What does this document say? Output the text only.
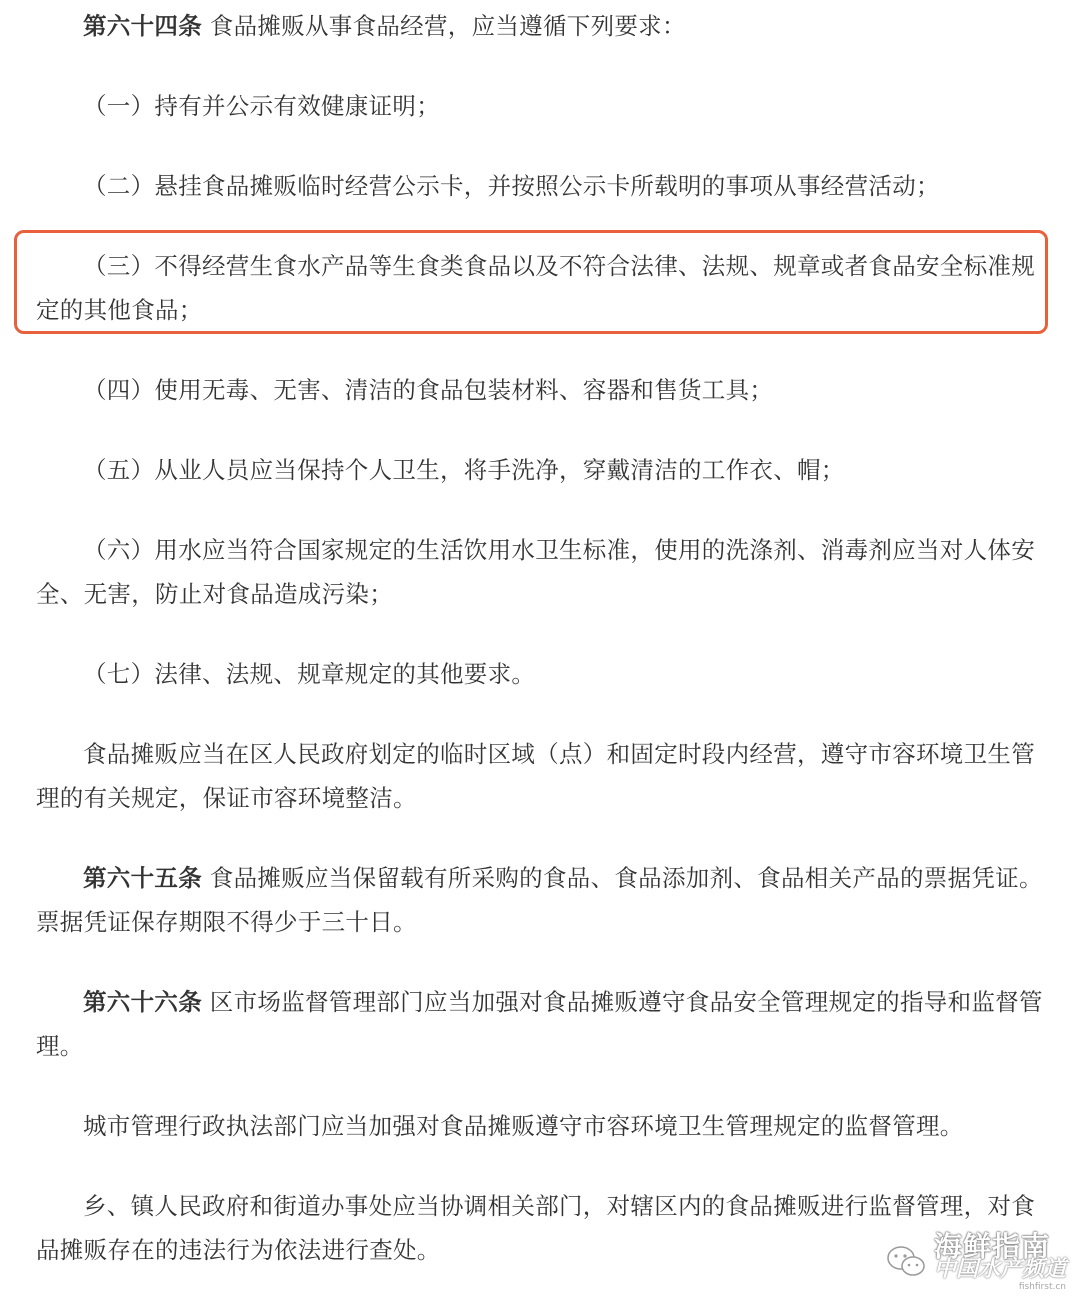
第六十四条 食品摊贩从事食品经营，应当遵循下列要求：

（一）持有并公示有效健康证明；

（二）悬挂食品摊贩临时经营公示卡，并按照公示卡所载明的事项从事经营活动；

（三）不得经营生食水产品等生食类食品以及不符合法律、法规、规章或者食品安全标准规定的其他食品；

（四）使用无毒、无害、清洁的食品包装材料、容器和售货工具；

（五）从业人员应当保持个人卫生，将手洗净，穿戴清洁的工作衣、帽；

（六）用水应当符合国家规定的生活饮用水卫生标准，使用的洗涤剂、消毒剂应当对人体安全、无害，防止对食品造成污染；

（七）法律、法规、规章规定的其他要求。

食品摊贩应当在区人民政府划定的临时区域（点）和固定时段内经营，遵守市容环境卫生管理的有关规定，保证市容环境整洁。

第六十五条 食品摊贩应当保留载有所采购的食品、食品添加剂、食品相关产品的票据凭证。票据凭证保存期限不得少于三十日。

第六十六条 区市场监督管理部门应当加强对食品摊贩遵守食品安全管理规定的指导和监督管理。

城市管理行政执法部门应当加强对食品摊贩遵守市容环境卫生管理规定的监督管理。

乡、镇人民政府和街道办事处应当协调相关部门，对辖区内的食品摊贩进行监督管理，对食品摊贩存在的违法行为依法进行查处。	海鲜指南
中国水产频道
fishfirst.cn
